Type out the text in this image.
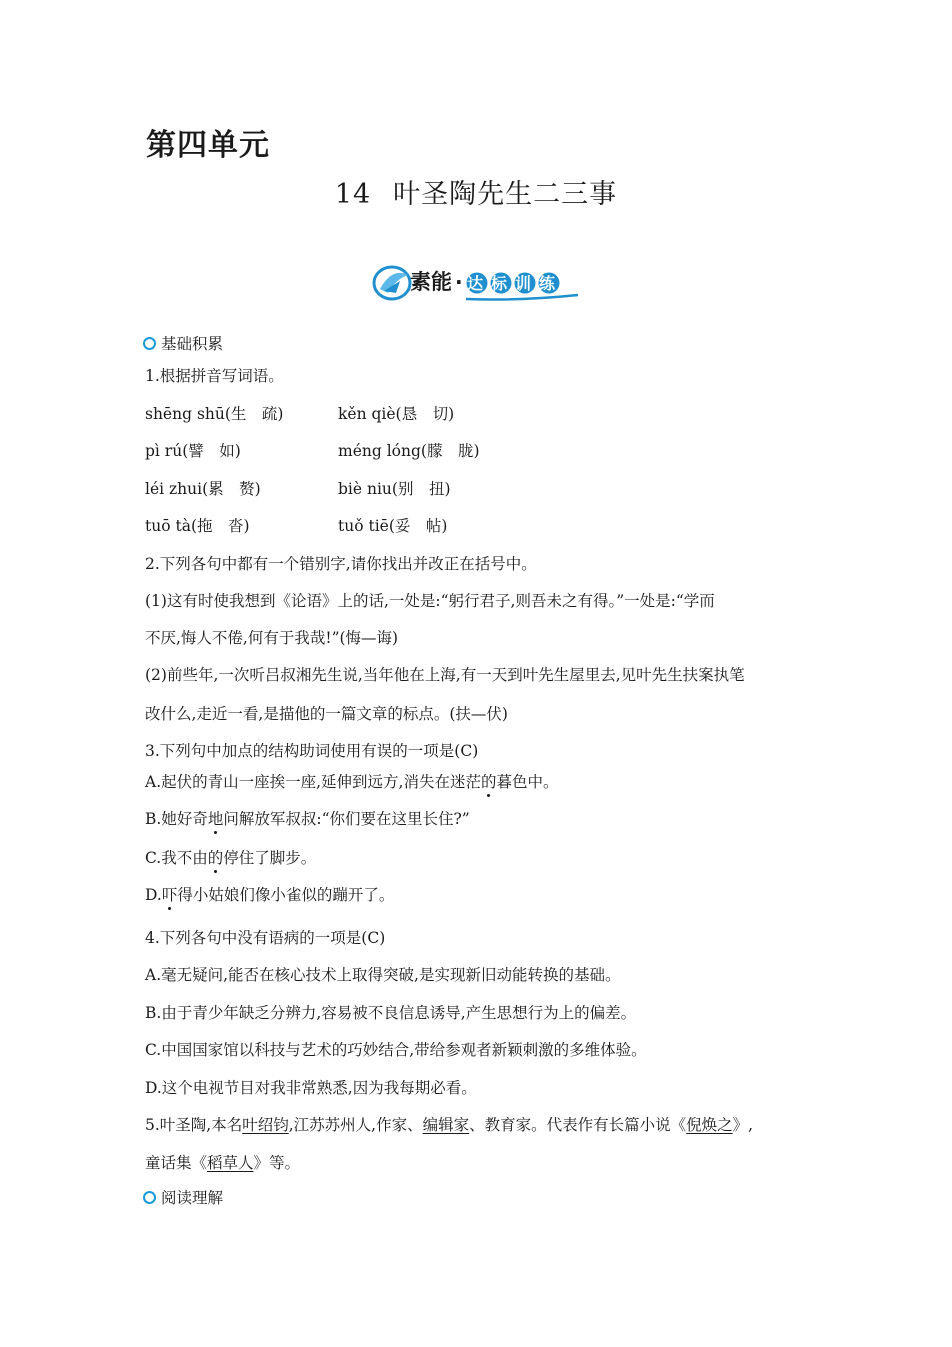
第四单元
14 叶圣陶先生二三事
素能 · 达标训练
基础积累
1.根据拼音写词语。
shēng shū(生　疏)	kěn qiè(恳　切)
pì rú(譬　如)	méng lóng(朦　胧)
léi zhui(累　赘)	biè niu(别　扭)
tuō tà(拖　沓)	tuǒ tiē(妥　帖)
2.下列各句中都有一个错别字,请你找出并改正在括号中。
(1)这有时使我想到《论语》上的话,一处是:“躬行君子,则吾未之有得。”一处是:“学而
不厌,悔人不倦,何有于我哉!”(悔—诲)
(2)前些年,一次听吕叔湘先生说,当年他在上海,有一天到叶先生屋里去,见叶先生扶案执笔
改什么,走近一看,是描他的一篇文章的标点。(扶—伏)
3.下列句中加点的结构助词使用有误的一项是(C)
A.起伏的青山一座挨一座,延伸到远方,消失在迷茫的暮色中。
B.她好奇地问解放军叔叔:“你们要在这里长住?”
C.我不由的停住了脚步。
D.吓得小姑娘们像小雀似的蹦开了。
4.下列各句中没有语病的一项是(C)
A.毫无疑问,能否在核心技术上取得突破,是实现新旧动能转换的基础。
B.由于青少年缺乏分辨力,容易被不良信息诱导,产生思想行为上的偏差。
C.中国国家馆以科技与艺术的巧妙结合,带给参观者新颖刺激的多维体验。
D.这个电视节目对我非常熟悉,因为我每期必看。
5.叶圣陶,本名叶绍钧,江苏苏州人,作家、编辑家、教育家。代表作有长篇小说《倪焕之》,
童话集《稻草人》等。
阅读理解
